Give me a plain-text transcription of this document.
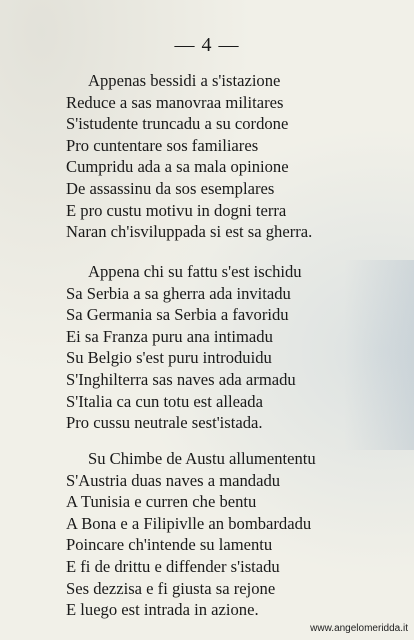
— 4 —
Appenas bessidi a s'istazione
Reduce a sas manovraa militares
S'istudente truncadu a su cordone
Pro cuntentare sos familiares
Cumpridu ada a sa mala opinione
De assassinu da sos esemplares
E pro custu motivu in dogni terra
Naran ch'isviluppada si est sa gherra.
Appena chi su fattu s'est ischidu
Sa Serbia a sa gherra ada invitadu
Sa Germania sa Serbia a favoridu
Ei sa Franza puru ana intimadu
Su Belgio s'est puru introduidu
S'Inghilterra sas naves ada armadu
S'Italia ca cun totu est alleada
Pro cussu neutrale sest'istada.
Su Chimbe de Austu allumententu
S'Austria duas naves a mandadu
A Tunisia e curren che bentu
A Bona e a Filipivlle an bombardadu
Poincare ch'intende su lamentu
E fi de drittu e diffender s'istadu
Ses dezzisa e fi giusta sa rejone
E luego est intrada in azione.
www.angelomeridda.it
